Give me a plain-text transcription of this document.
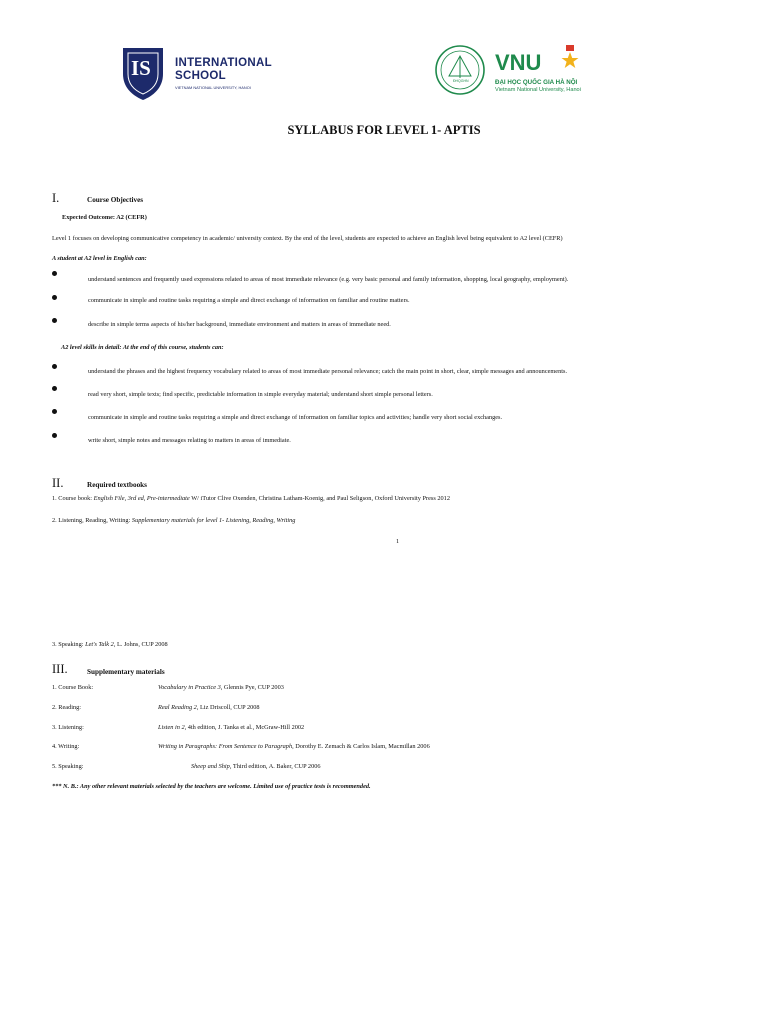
IS INTERNATIONAL
SCHOOL
VIETNAM NATIONAL UNIVERSITY, HANOI
ĐHQGHN
VNU
ĐẠI HỌC QUỐC GIA HÀ NỘI
Vietnam National University, Hanoi
SYLLABUS FOR LEVEL 1- APTIS
I.	Course Objectives
Expected Outcome: A2 (CEFR)
Level 1 focuses on developing communicative competency in academic/ university context. By the end of the level, students are expected to achieve an English level being equivalent to A2 level (CEFR)
A student at A2 level in English can:
understand sentences and frequently used expressions related to areas of most immediate relevance (e.g. very basic personal and family information, shopping, local geography, employment).
communicate in simple and routine tasks requiring a simple and direct exchange of information on familiar and routine matters.
describe in simple terms aspects of his/her background, immediate environment and matters in areas of immediate need.
A2 level skills in detail: At the end of this course, students can:
understand the phrases and the highest frequency vocabulary related to areas of most immediate personal relevance; catch the main point in short, clear, simple messages and announcements.
read very short, simple texts; find specific, predictable information in simple everyday material; understand short simple personal letters.
communicate in simple and routine tasks requiring a simple and direct exchange of information on familiar topics and activities; handle very short social exchanges.
write short, simple notes and messages relating to matters in areas of immediate.
II.	Required textbooks
1. Course book: English File, 3rd ed, Pre-intermediate W/ iTutor Clive Oxenden, Christina Latham-Koenig, and Paul Seligson, Oxford University Press 2012
2. Listening, Reading, Writing: Supplementary materials for level 1- Listening, Reading, Writing
1
3. Speaking: Let's Talk 2, L. Johns, CUP 2008
III.	Supplementary materials
1. Course Book:	Vocabulary in Practice 3, Glennis Pye, CUP 2003
2. Reading:	Real Reading 2, Liz Driscoll, CUP 2008
3. Listening:	Listen in 2, 4th edition, J. Tanka et al., McGraw-Hill 2002
4. Writing:	Writing in Paragraphs: From Sentence to Paragraph, Dorothy E. Zemach & Carlos Islam, Macmillan 2006
5. Speaking:	Sheep and Ship, Third edition, A. Baker, CUP 2006
*** N. B.: Any other relevant materials selected by the teachers are welcome. Limited use of practice tests is recommended.
